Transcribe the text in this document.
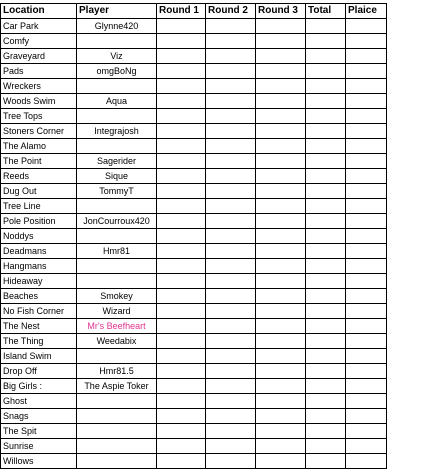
Location	Player	Round 1	Round 2	Round 3	Total	Plaice
Car Park	Glynne420					
Comfy						
Graveyard	Viz					
Pads	omgBoNg					
Wreckers						
Woods Swim	Aqua					
Tree Tops						
Stoners Corner	Integrajosh					
The Alamo						
The Point	Sagerider					
Reeds	Sique					
Dug Out	TommyT					
Tree Line						
Pole Position	JonCourroux420					
Noddys						
Deadmans	Hmr81					
Hangmans						
Hideaway						
Beaches	Smokey					
No Fish Corner	Wizard					
The Nest	Mr's Beefheart					
The Thing	Weedabix					
Island Swim						
Drop Off	Hmr81.5					
Big Girls :	The Aspie Toker					
Ghost						
Snags						
The Spit						
Sunrise						
Willows						
